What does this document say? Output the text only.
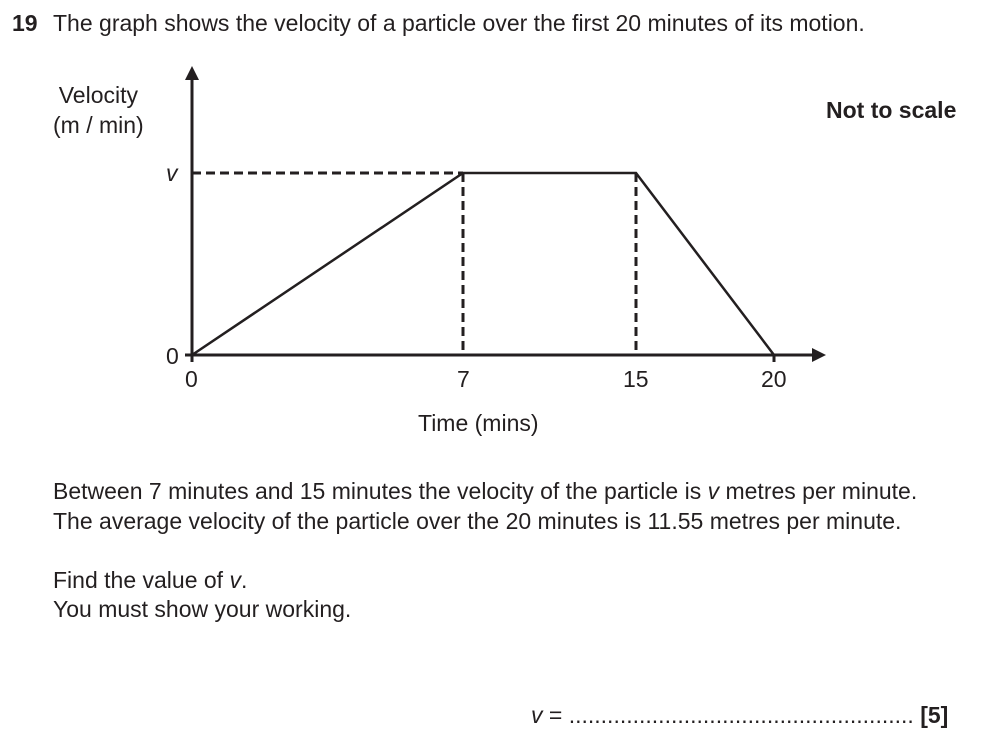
19 The graph shows the velocity of a particle over the first 20 minutes of its motion.
Velocity
(m / min)
Not to scale
v
0
0	7	15	20
Time (mins)
Between 7 minutes and 15 minutes the velocity of the particle is v metres per minute.
The average velocity of the particle over the 20 minutes is 11.55 metres per minute.
Find the value of v.
You must show your working.
v = ...................................................... [5]
